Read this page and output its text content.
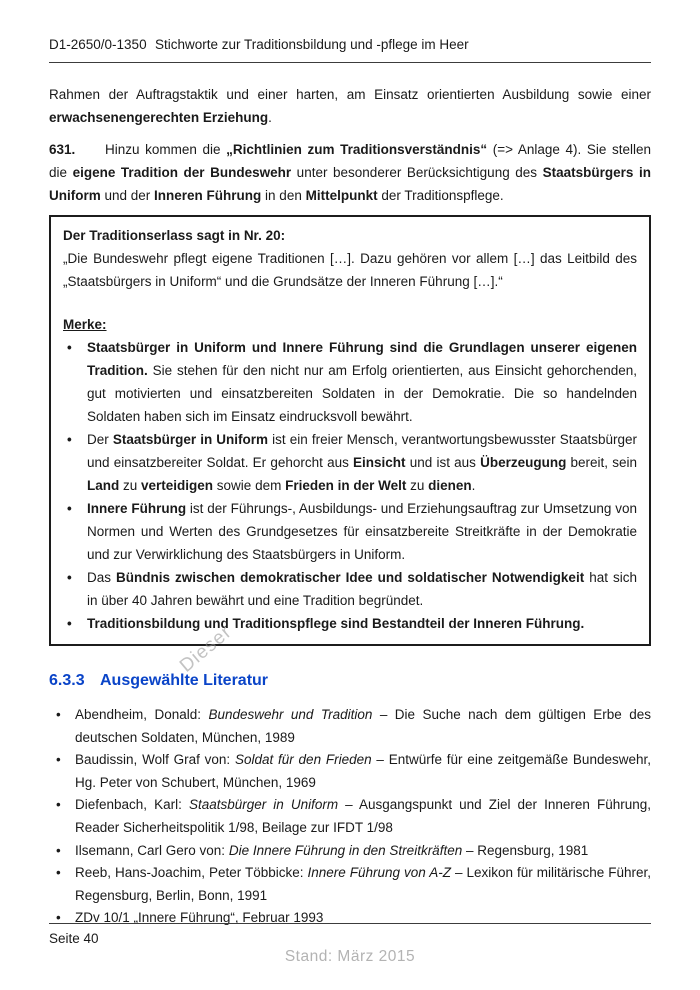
D1-2650/0-1350 Stichworte zur Traditionsbildung und -pflege im Heer

Rahmen der Auftragstaktik und einer harten, am Einsatz orientierten Ausbildung sowie einer erwachsenengerechten Erziehung.

631. Hinzu kommen die „Richtlinien zum Traditionsverständnis“ (=> Anlage 4). Sie stellen die eigene Tradition der Bundeswehr unter besonderer Berücksichtigung des Staatsbürgers in Uniform und der Inneren Führung in den Mittelpunkt der Traditionspflege.

Der Traditionserlass sagt in Nr. 20:
„Die Bundeswehr pflegt eigene Traditionen […]. Dazu gehören vor allem […] das Leitbild des „Staatsbürgers in Uniform“ und die Grundsätze der Inneren Führung […].“
Merke:
• Staatsbürger in Uniform und Innere Führung sind die Grundlagen unserer eigenen Tradition. Sie stehen für den nicht nur am Erfolg orientierten, aus Einsicht gehorchenden, gut motivierten und einsatzbereiten Soldaten in der Demokratie. Die so handelnden Soldaten haben sich im Einsatz eindrucksvoll bewährt.
• Der Staatsbürger in Uniform ist ein freier Mensch, verantwortungsbewusster Staatsbürger und einsatzbereiter Soldat. Er gehorcht aus Einsicht und ist aus Überzeugung bereit, sein Land zu verteidigen sowie dem Frieden in der Welt zu dienen.
• Innere Führung ist der Führungs-, Ausbildungs- und Erziehungsauftrag zur Umsetzung von Normen und Werten des Grundgesetzes für einsatzbereite Streitkräfte in der Demokratie und zur Verwirklichung des Staatsbürgers in Uniform.
• Das Bündnis zwischen demokratischer Idee und soldatischer Notwendigkeit hat sich in über 40 Jahren bewährt und eine Tradition begründet.
• Traditionsbildung und Traditionspflege sind Bestandteil der Inneren Führung.
6.3.3 Ausgewählte Literatur
• Abendheim, Donald: Bundeswehr und Tradition – Die Suche nach dem gültigen Erbe des deutschen Soldaten, München, 1989
• Baudissin, Wolf Graf von: Soldat für den Frieden – Entwürfe für eine zeitgemäße Bundeswehr, Hg. Peter von Schubert, München, 1969
• Diefenbach, Karl: Staatsbürger in Uniform – Ausgangspunkt und Ziel der Inneren Führung, Reader Sicherheitspolitik 1/98, Beilage zur IFDT 1/98
• Ilsemann, Carl Gero von: Die Innere Führung in den Streitkräften – Regensburg, 1981
• Reeb, Hans-Joachim, Peter Többicke: Innere Führung von A-Z – Lexikon für militärische Führer, Regensburg, Berlin, Bonn, 1991
• ZDv 10/1 „Innere Führung“, Februar 1993
Dieser
Seite 40
Stand: März 2015
